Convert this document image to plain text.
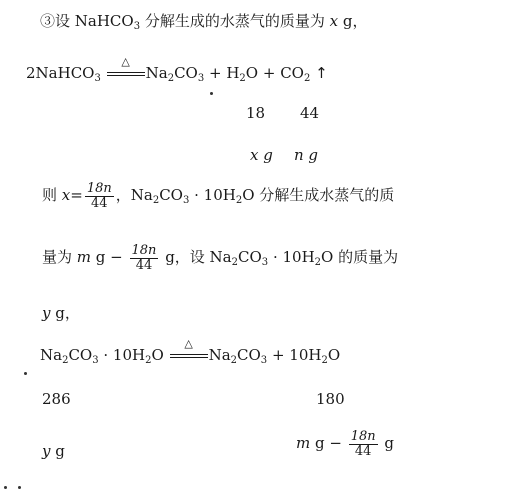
③设 NaHCO$_3$ 分解生成的水蒸气的质量为 x g，
2NaHCO$_3$
△
$Na_2CO_3 + H_2O + CO_2$ ↑
18 44
x g n g
则 $x= \frac{18n}{44}$ ，$Na_2CO_3 \cdot 10H_2O$ 分解生成水蒸气的质
量为 m $g - \frac{18n}{44}$ g，设 $Na_2CO_3 \cdot 10H_2O$ 的质量为
y g，
$Na_2CO_3 \cdot 10H_2O$
△
$Na_2CO_3 + 10H_2O$
286	180
y g	m $g - \frac{18n}{44}$ g
